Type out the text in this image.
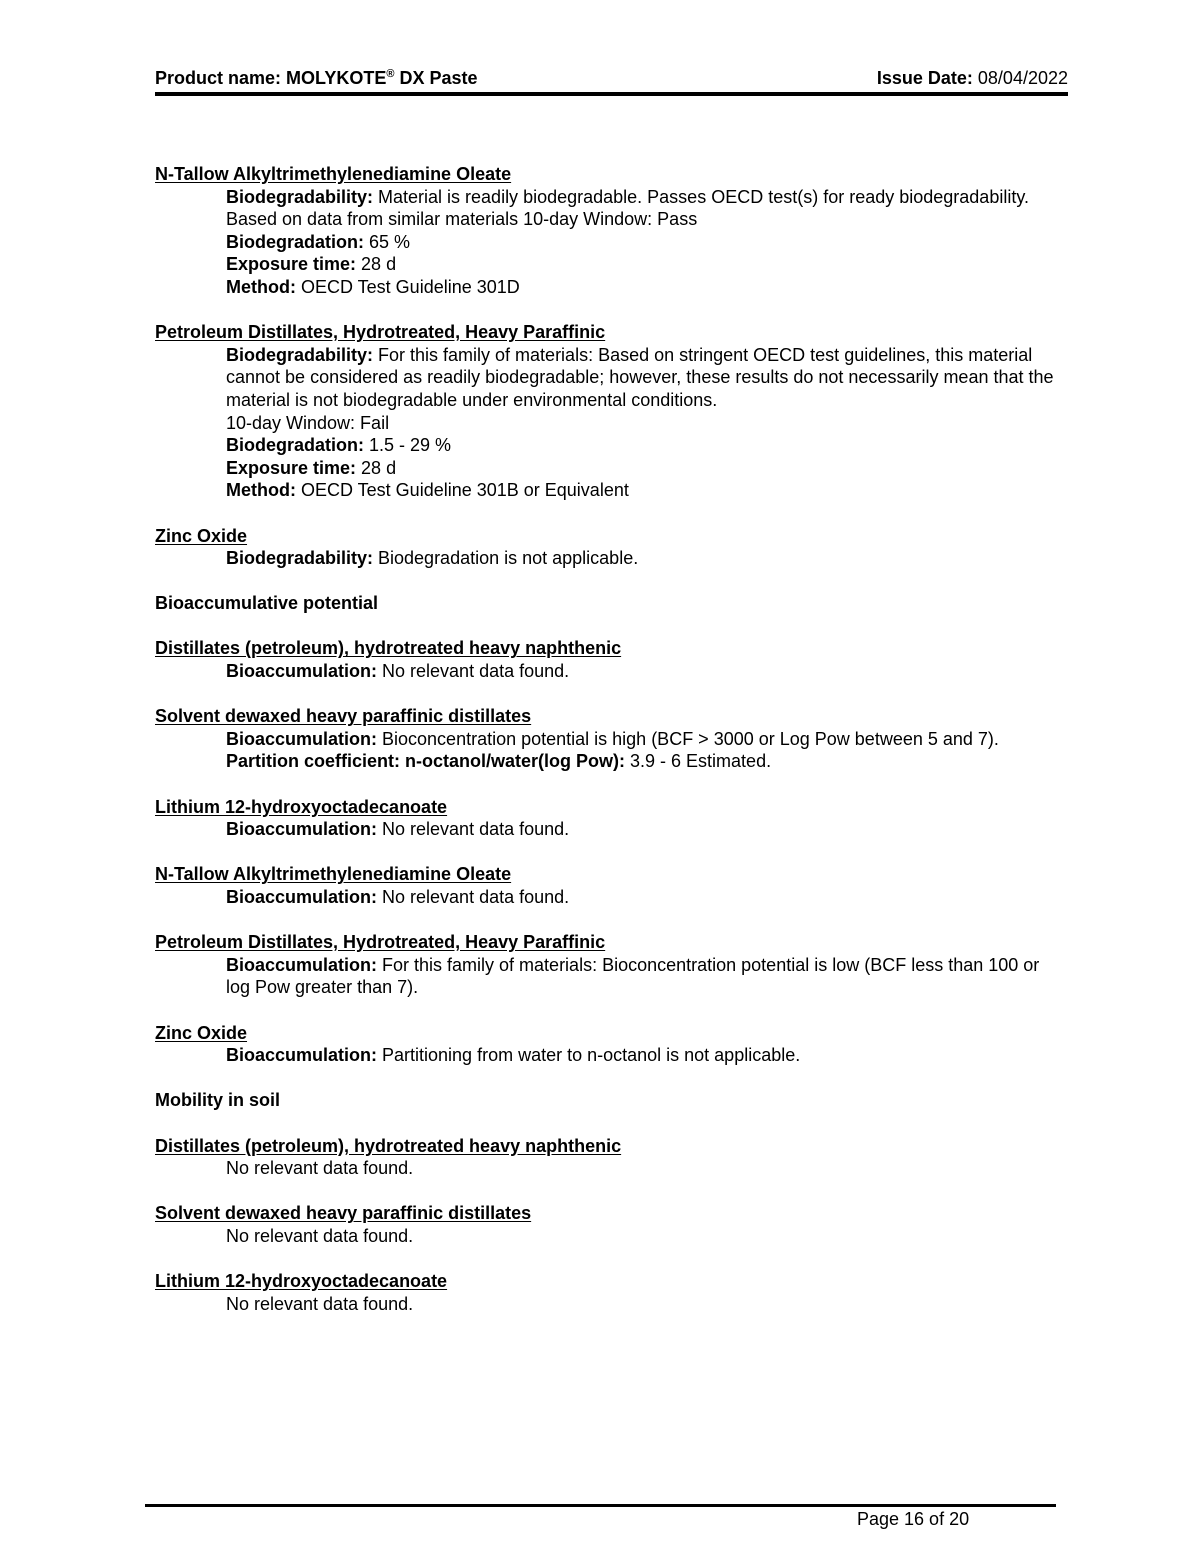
Product name: MOLYKOTE® DX Paste	Issue Date: 08/04/2022
N-Tallow Alkyltrimethylenediamine Oleate
Biodegradability: Material is readily biodegradable. Passes OECD test(s) for ready biodegradability.
Based on data from similar materials 10-day Window: Pass
Biodegradation: 65 %
Exposure time: 28 d
Method: OECD Test Guideline 301D
Petroleum Distillates, Hydrotreated, Heavy Paraffinic
Biodegradability: For this family of materials: Based on stringent OECD test guidelines, this material cannot be considered as readily biodegradable; however, these results do not necessarily mean that the material is not biodegradable under environmental conditions.
10-day Window: Fail
Biodegradation: 1.5 - 29 %
Exposure time: 28 d
Method: OECD Test Guideline 301B or Equivalent
Zinc Oxide
Biodegradability: Biodegradation is not applicable.
Bioaccumulative potential
Distillates (petroleum), hydrotreated heavy naphthenic
Bioaccumulation: No relevant data found.
Solvent dewaxed heavy paraffinic distillates
Bioaccumulation: Bioconcentration potential is high (BCF > 3000 or Log Pow between 5 and 7).
Partition coefficient: n-octanol/water(log Pow): 3.9 - 6 Estimated.
Lithium 12-hydroxyoctadecanoate
Bioaccumulation: No relevant data found.
N-Tallow Alkyltrimethylenediamine Oleate
Bioaccumulation: No relevant data found.
Petroleum Distillates, Hydrotreated, Heavy Paraffinic
Bioaccumulation: For this family of materials: Bioconcentration potential is low (BCF less than 100 or log Pow greater than 7).
Zinc Oxide
Bioaccumulation: Partitioning from water to n-octanol is not applicable.
Mobility in soil
Distillates (petroleum), hydrotreated heavy naphthenic
No relevant data found.
Solvent dewaxed heavy paraffinic distillates
No relevant data found.
Lithium 12-hydroxyoctadecanoate
No relevant data found.
Page 16 of 20
